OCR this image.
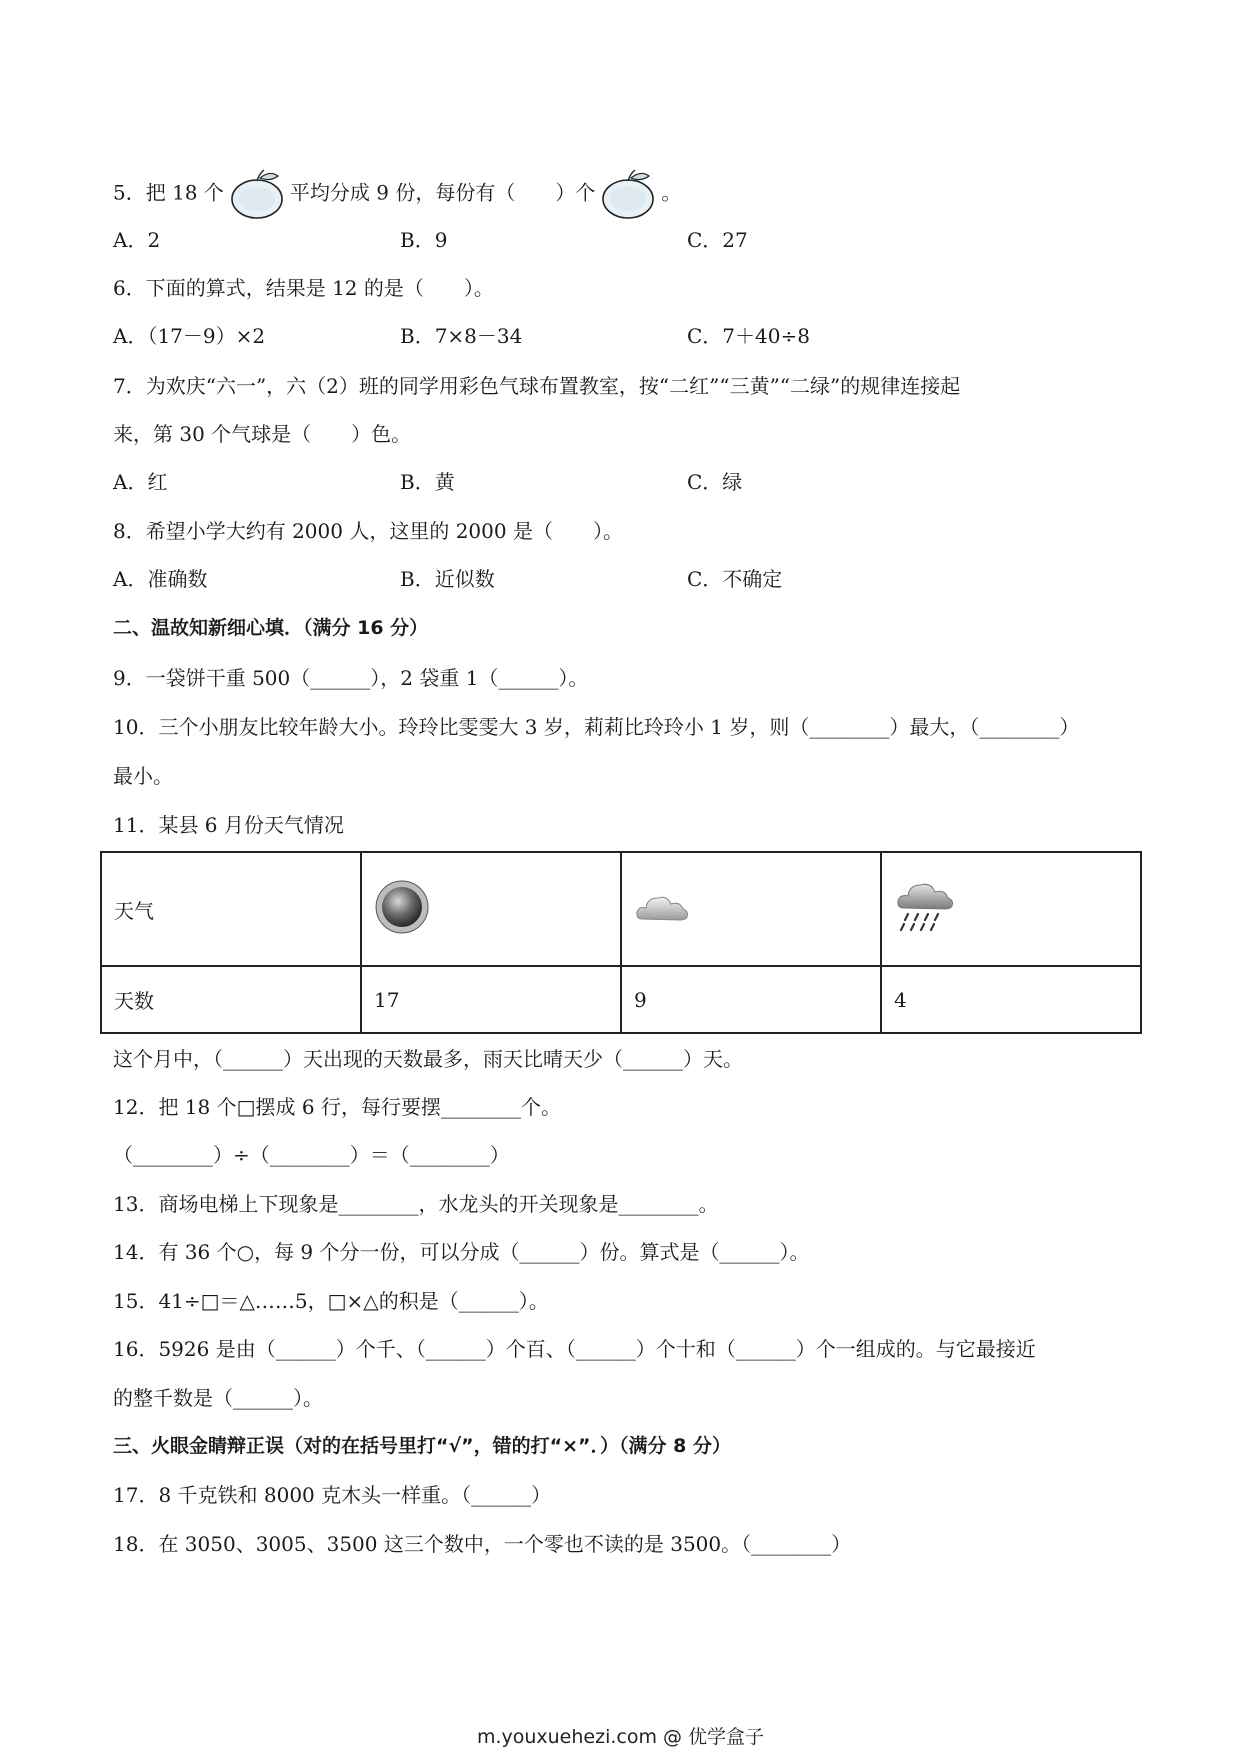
5．把 18 个	平均分成 9 份，每份有（　　）个	。
A．2	B．9	C．27
6．下面的算式，结果是 12 的是（　　）。
A．（17－9）×2	B．7×8－34	C．7＋40÷8
7．为欢庆“六一”，六（2）班的同学用彩色气球布置教室，按“二红”“三黄”“二绿”的规律连接起
来，第 30 个气球是（　　）色。
A．红	B．黄	C．绿
8．希望小学大约有 2000 人，这里的 2000 是（　　）。
A．准确数	B．近似数	C．不确定
二、温故知新细心填．（满分 16 分）
9．一袋饼干重 500（______），2 袋重 1（______）。
10．三个小朋友比较年龄大小。玲玲比雯雯大 3 岁，莉莉比玲玲小 1 岁，则（________）最大，（________）
最小。
11．某县 6 月份天气情况
天气			
天数	17	9	4
这个月中，（______）天出现的天数最多，雨天比晴天少（______）天。
12．把 18 个□摆成 6 行，每行要摆________个。
（________）÷（________）＝（________）
13．商场电梯上下现象是________，水龙头的开关现象是________。
14．有 36 个○，每 9 个分一份，可以分成（______）份。算式是（______）。
15．41÷□＝△……5，□×△的积是（______）。
16．5926 是由（______）个千、（______）个百、（______）个十和（______）个一组成的。与它最接近
的整千数是（______）。
三、火眼金睛辩正误（对的在括号里打“√”，错的打“×”．）（满分 8 分）
17．8 千克铁和 8000 克木头一样重。（______）
18．在 3050、3005、3500 这三个数中，一个零也不读的是 3500。（________）
m.youxuehezi.com @ 优学盒子
